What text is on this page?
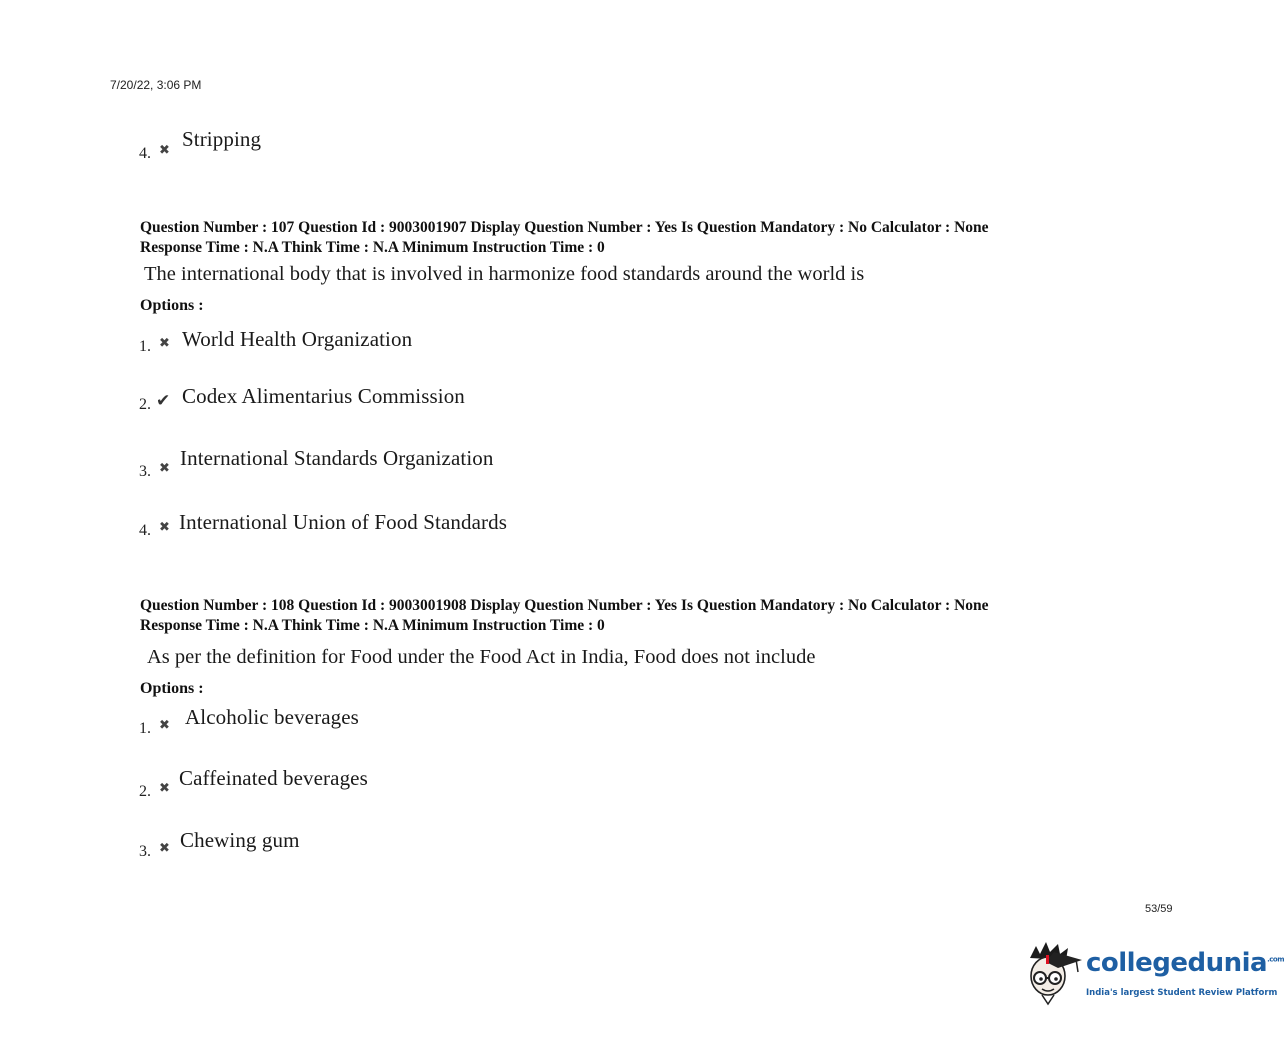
7/20/22, 3:06 PM
4. ✖ Stripping
Question Number : 107 Question Id : 9003001907 Display Question Number : Yes Is Question Mandatory : No Calculator : None
Response Time : N.A Think Time : N.A Minimum Instruction Time : 0
The international body that is involved in harmonize food standards around the world is
Options :
1. ✖ World Health Organization
2. ✔ Codex Alimentarius Commission
3. ✖ International Standards Organization
4. ✖ International Union of Food Standards
Question Number : 108 Question Id : 9003001908 Display Question Number : Yes Is Question Mandatory : No Calculator : None
Response Time : N.A Think Time : N.A Minimum Instruction Time : 0
As per the definition for Food under the Food Act in India, Food does not include
Options :
1. ✖ Alcoholic beverages
2. ✖ Caffeinated beverages
3. ✖ Chewing gum
53/59
collegedunia$^{.com}$
India's largest Student Review Platform
